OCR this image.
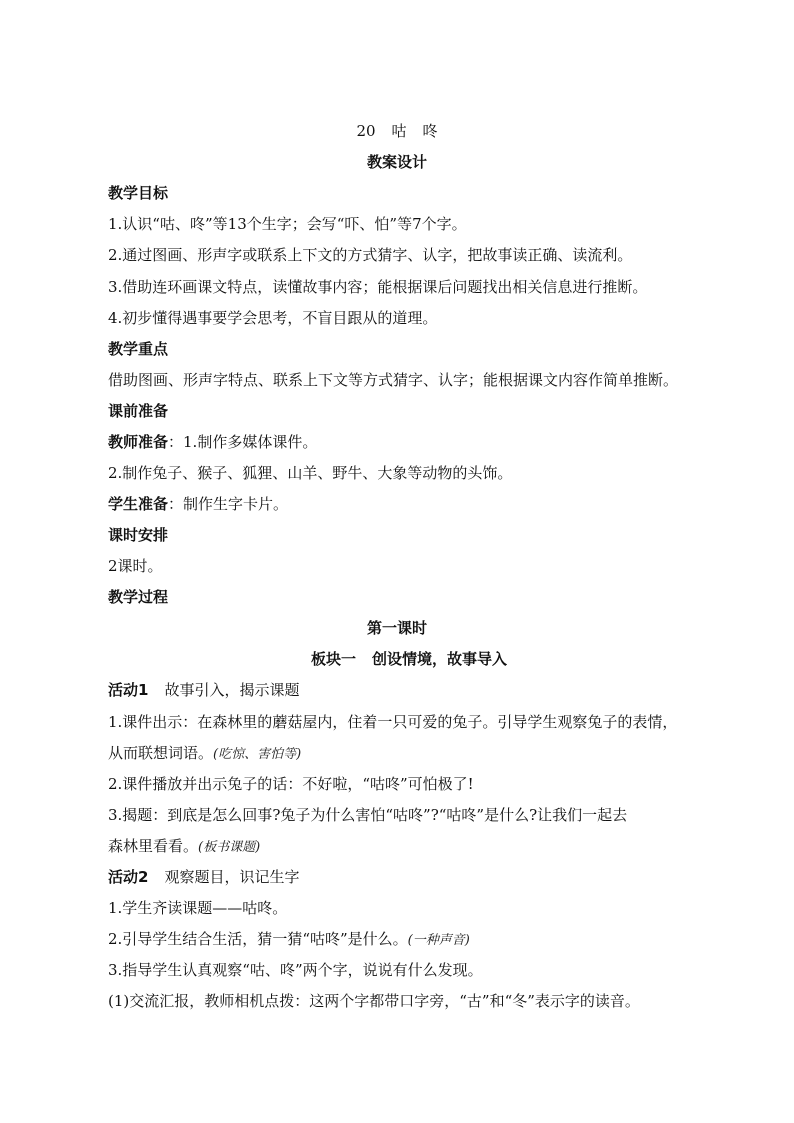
20 咕 咚
教案设计
教学目标
1.认识“咕、咚”等13个生字；会写“吓、怕”等7个字。
2.通过图画、形声字或联系上下文的方式猜字、认字，把故事读正确、读流利。
3.借助连环画课文特点，读懂故事内容；能根据课后问题找出相关信息进行推断。
4.初步懂得遇事要学会思考，不盲目跟从的道理。
教学重点
借助图画、形声字特点、联系上下文等方式猜字、认字；能根据课文内容作简单推断。
课前准备
教师准备：1.制作多媒体课件。
2.制作兔子、猴子、狐狸、山羊、野牛、大象等动物的头饰。
学生准备：制作生字卡片。
课时安排
2课时。
教学过程
第一课时
板块一 创设情境，故事导入
活动1 故事引入，揭示课题
1.课件出示：在森林里的蘑菇屋内，住着一只可爱的兔子。引导学生观察兔子的表情，
从而联想词语。(吃惊、害怕等)
2.课件播放并出示兔子的话：不好啦，“咕咚”可怕极了!
3.揭题：到底是怎么回事?兔子为什么害怕“咕咚”?“咕咚”是什么?让我们一起去
森林里看看。(板书课题)
活动2 观察题目，识记生字
1.学生齐读课题——咕咚。
2.引导学生结合生活，猜一猜“咕咚”是什么。(一种声音)
3.指导学生认真观察“咕、咚”两个字，说说有什么发现。
(1)交流汇报，教师相机点拨：这两个字都带口字旁，“古”和“冬”表示字的读音。
